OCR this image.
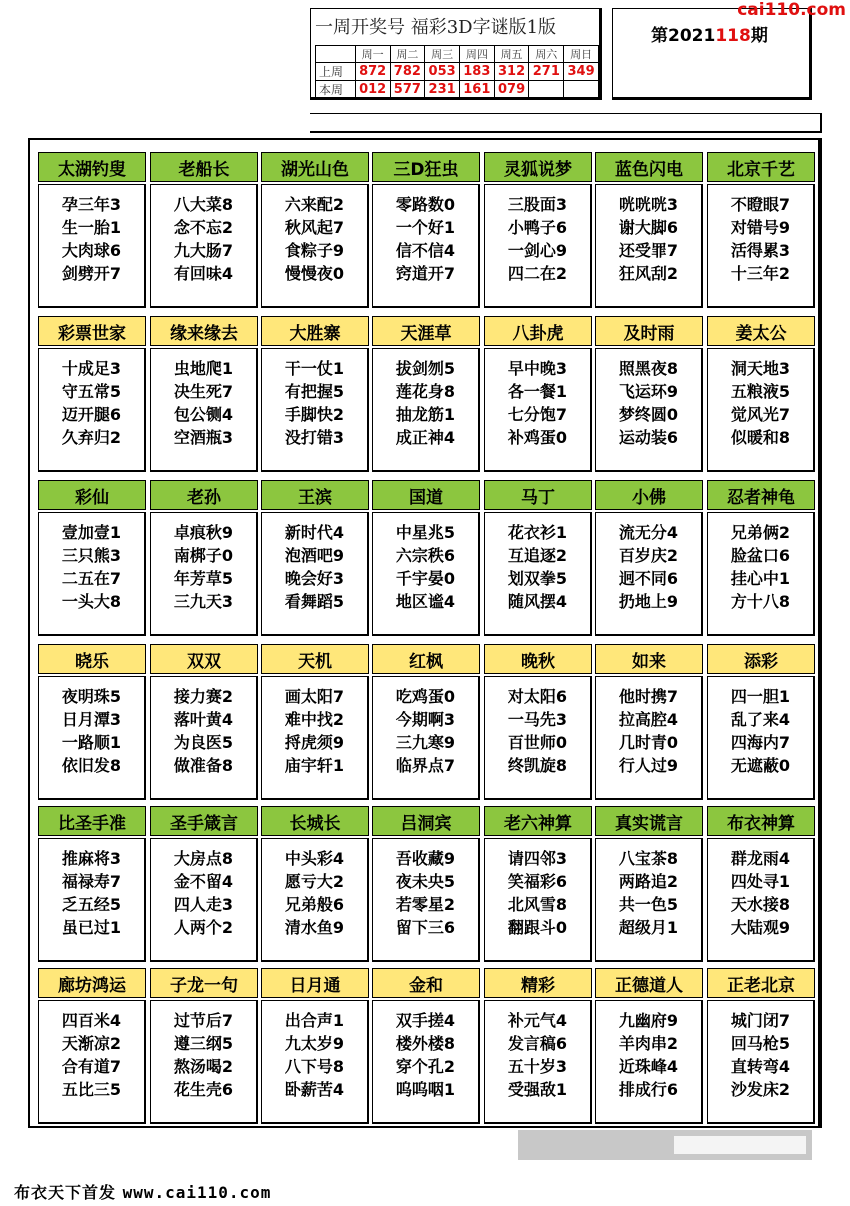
一周开奖号 福彩3D字谜版1版
	周一	周二	周三	周四	周五	周六	周日
上周	872	782	053	183	312	271	349
本周	012	577	231	161	079		
第2021118期
cai110.com
太湖钓叟
孕三年3
生一胎1
大肉球6
剑劈开7
老船长
八大菜8
念不忘2
九大肠7
有回味4
湖光山色
六来配2
秋风起7
食粽子9
慢慢夜0
三D狂虫
零路数0
一个好1
信不信4
窍道开7
灵狐说梦
三股面3
小鸭子6
一剑心9
四二在2
蓝色闪电
咣咣咣3
谢大脚6
还受罪7
狂风刮2
北京千艺
不瞪眼7
对错号9
活得累3
十三年2
彩票世家
十成足3
守五常5
迈开腿6
久弃归2
缘来缘去
虫地爬1
决生死7
包公铡4
空酒瓶3
大胜寨
干一仗1
有把握5
手脚快2
没打错3
天涯草
拔剑刎5
莲花身8
抽龙筋1
成正神4
八卦虎
早中晚3
各一餐1
七分饱7
补鸡蛋0
及时雨
照黑夜8
飞运环9
梦终圆0
运动装6
姜太公
洞天地3
五粮液5
觉风光7
似暖和8
彩仙
壹加壹1
三只熊3
二五在7
一头大8
老孙
卓痕秋9
南梆子0
年芳草5
三九天3
王滨
新时代4
泡酒吧9
晚会好3
看舞蹈5
国道
中星兆5
六宗秩6
千宇晏0
地区谧4
马丁
花衣衫1
互追逐2
划双拳5
随风摆4
小佛
流无分4
百岁庆2
迥不同6
扔地上9
忍者神龟
兄弟俩2
脸盆口6
挂心中1
方十八8
晓乐
夜明珠5
日月潭3
一路顺1
依旧发8
双双
接力赛2
落叶黄4
为良医5
做准备8
天机
画太阳7
难中找2
捋虎须9
庙宇轩1
红枫
吃鸡蛋0
今期啊3
三九寒9
临界点7
晚秋
对太阳6
一马先3
百世师0
终凯旋8
如来
他时携7
拉高腔4
几时青0
行人过9
添彩
四一胆1
乱了来4
四海内7
无遮蔽0
比圣手准
推麻将3
福禄寿7
乏五经5
虽已过1
圣手箴言
大房点8
金不留4
四人走3
人两个2
长城长
中头彩4
愿亏大2
兄弟般6
清水鱼9
吕洞宾
吾收藏9
夜未央5
若零星2
留下三6
老六神算
请四邻3
笑福彩6
北风雪8
翻跟斗0
真实谎言
八宝茶8
两路追2
共一色5
超级月1
布衣神算
群龙雨4
四处寻1
天水接8
大陆观9
廊坊鸿运
四百米4
天渐凉2
合有道7
五比三5
子龙一句
过节后7
遵三纲5
熬汤喝2
花生壳6
日月通
出合声1
九太岁9
八下号8
卧薪苦4
金和
双手搓4
楼外楼8
穿个孔2
呜呜咽1
精彩
补元气4
发言稿6
五十岁3
受强敌1
正德道人
九幽府9
羊肉串2
近珠峰4
排成行6
正老北京
城门闭7
回马枪5
直转弯4
沙发床2
布衣天下首发 www.cai110.com
